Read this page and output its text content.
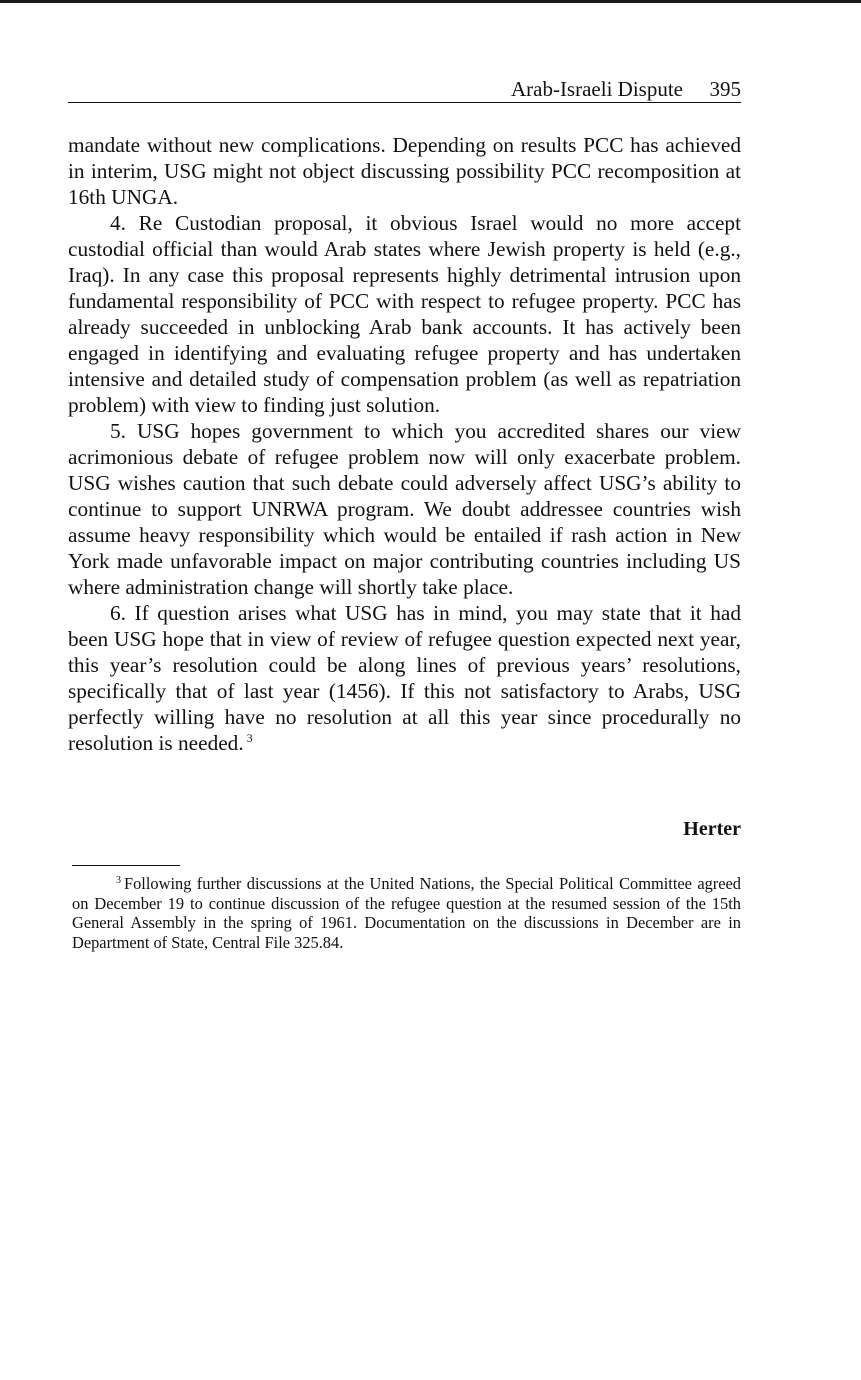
Arab-Israeli Dispute 395

mandate without new complications. Depending on results PCC has achieved in interim, USG might not object discussing possibility PCC recomposition at 16th UNGA.

4. Re Custodian proposal, it obvious Israel would no more accept custodial official than would Arab states where Jewish property is held (e.g., Iraq). In any case this proposal represents highly detrimental intrusion upon fundamental responsibility of PCC with respect to refugee property. PCC has already succeeded in unblocking Arab bank accounts. It has actively been engaged in identifying and evaluating refugee property and has undertaken intensive and detailed study of compensation problem (as well as repatriation problem) with view to finding just solution.

5. USG hopes government to which you accredited shares our view acrimonious debate of refugee problem now will only exacerbate problem. USG wishes caution that such debate could adversely affect USG’s ability to continue to support UNRWA program. We doubt addressee countries wish assume heavy responsibility which would be entailed if rash action in New York made unfavorable impact on major contributing countries including US where administration change will shortly take place.

6. If question arises what USG has in mind, you may state that it had been USG hope that in view of review of refugee question expected next year, this year’s resolution could be along lines of previous years’ resolutions, specifically that of last year (1456). If this not satisfactory to Arabs, USG perfectly willing have no resolution at all this year since procedurally no resolution is needed. $^3$

Herter
$^3$ Following further discussions at the United Nations, the Special Political Committee agreed on December 19 to continue discussion of the refugee question at the resumed session of the 15th General Assembly in the spring of 1961. Documentation on the discussions in December are in Department of State, Central File 325.84.
